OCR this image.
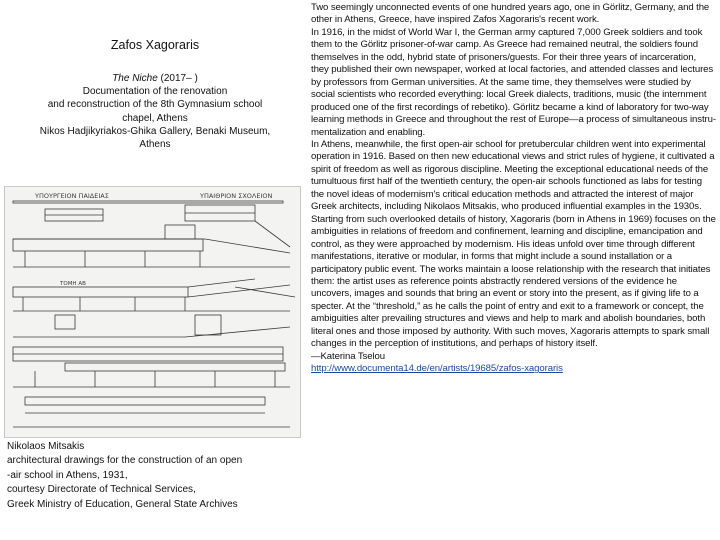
Zafos Xagoraris
The Niche (2017– )
Documentation of the renovation
and reconstruction of the 8th Gymnasium school
chapel, Athens
Nikos Hadjikyriakos-Ghika Gallery, Benaki Museum,
Athens
ΥΠΟΥΡΓΕΙΟΝ ΠΑΙΔΕΙΑΣ	ΥΠΑΙΘΡΙΟΝ ΣΧΟΛΕΙΟΝ
ΤΟΜΗ ΑΒ
Nikolaos Mitsakis
architectural drawings for the construction of an open
-air school in Athens, 1931,
courtesy Directorate of Technical Services,
Greek Ministry of Education, General State Archives

Two seemingly unconnected events of one hundred years ago, one in Görlitz, Germany, and the other in Athens, Greece, have inspired Zafos Xagoraris's recent work.

In 1916, in the midst of World War I, the German army captured 7,000 Greek soldiers and took them to the Görlitz prisoner-of-war camp. As Greece had remained neutral, the soldiers found themselves in the odd, hybrid state of prisoners/guests. For their three years of incarceration, they published their own newspaper, worked at local factories, and attended classes and lectures by professors from German universities. At the same time, they themselves were studied by social scientists who recorded everything: local Greek dialects, traditions, music (the internment produced one of the first recordings of rebetiko). Görlitz became a kind of laboratory for two-way learning methods in Greece and throughout the rest of Europe—a process of simultaneous instru-mentalization and enabling.

In Athens, meanwhile, the first open-air school for pretubercular children went into experimental operation in 1916. Based on then new educational views and strict rules of hygiene, it cultivated a spirit of freedom as well as rigorous discipline. Meeting the exceptional educational needs of the tumultuous first half of the twentieth century, the open-air schools functioned as labs for testing the novel ideas of modernism's critical education methods and attracted the interest of major Greek architects, including Nikolaos Mitsakis, who produced influential examples in the 1930s.

Starting from such overlooked details of history, Xagoraris (born in Athens in 1969) focuses on the ambiguities in relations of freedom and confinement, learning and discipline, emancipation and control, as they were approached by modernism. His ideas unfold over time through different manifestations, iterative or modular, in forms that might include a sound installation or a participatory public event. The works maintain a loose relationship with the research that initiates them: the artist uses as reference points abstractly rendered versions of the evidence he uncovers, images and sounds that bring an event or story into the present, as if giving life to a specter. At the “threshold,” as he calls the point of entry and exit to a framework or concept, the ambiguities alter prevailing structures and views and help to mark and abolish boundaries, both literal ones and those imposed by authority. With such moves, Xagoraris attempts to spark small changes in the perception of institutions, and perhaps of history itself.

—Katerina Tselou

http://www.documenta14.de/en/artists/19685/zafos-xagoraris
